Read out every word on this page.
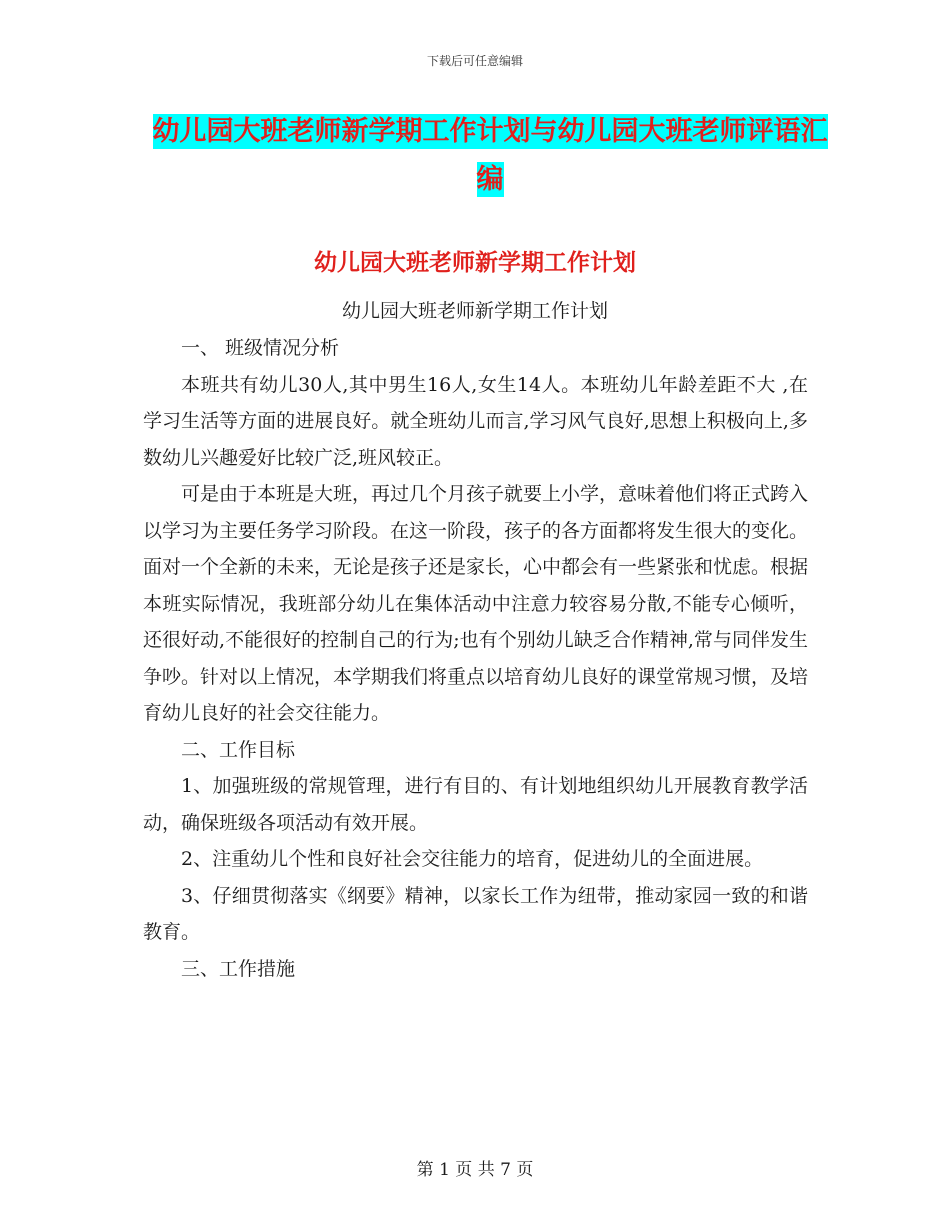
下载后可任意编辑
幼儿园大班老师新学期工作计划与幼儿园大班老师评语汇编
幼儿园大班老师新学期工作计划
幼儿园大班老师新学期工作计划

一、 班级情况分析

本班共有幼儿30人,其中男生16人,女生14人。本班幼儿年龄差距不大 ,在学习生活等方面的进展良好。就全班幼儿而言,学习风气良好,思想上积极向上,多数幼儿兴趣爱好比较广泛,班风较正。

可是由于本班是大班，再过几个月孩子就要上小学，意味着他们将正式跨入以学习为主要任务学习阶段。在这一阶段，孩子的各方面都将发生很大的变化。面对一个全新的未来，无论是孩子还是家长，心中都会有一些紧张和忧虑。根据本班实际情况，我班部分幼儿在集体活动中注意力较容易分散,不能专心倾听，还很好动,不能很好的控制自己的行为;也有个别幼儿缺乏合作精神,常与同伴发生争吵。针对以上情况，本学期我们将重点以培育幼儿良好的课堂常规习惯，及培育幼儿良好的社会交往能力。

二、工作目标

1、加强班级的常规管理，进行有目的、有计划地组织幼儿开展教育教学活动，确保班级各项活动有效开展。

2、注重幼儿个性和良好社会交往能力的培育，促进幼儿的全面进展。

3、仔细贯彻落实《纲要》精神，以家长工作为纽带，推动家园一致的和谐教育。

三、工作措施

第 1 页 共 7 页
